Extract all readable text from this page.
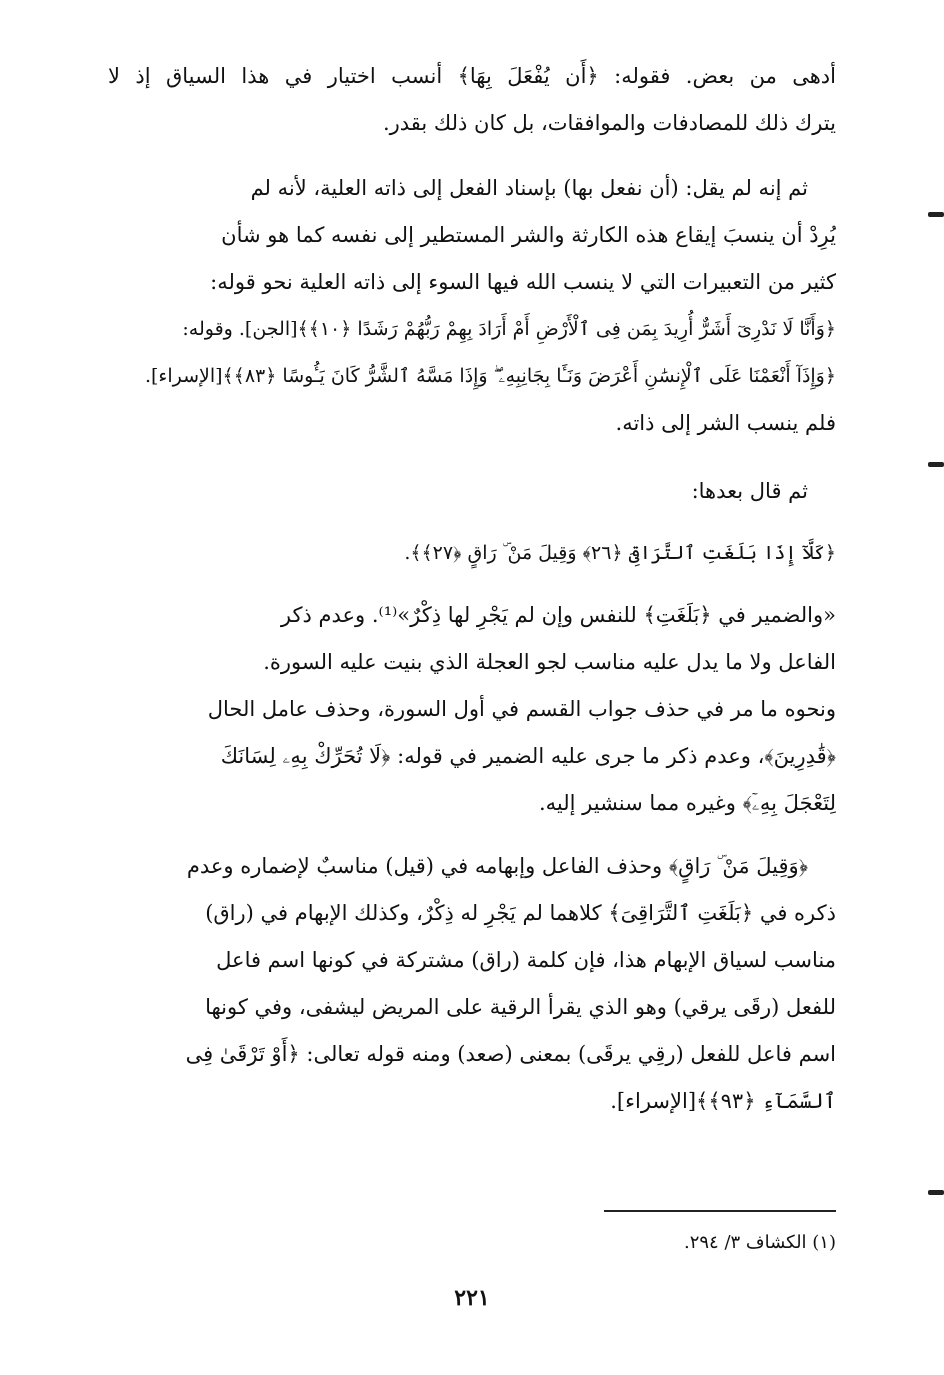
أدهى من بعض. فقوله: ﴿أَن يُفْعَلَ بِهَا﴾ أنسب اختيار في هذا السياق إذ لا
يترك ذلك للمصادفات والموافقات، بل كان ذلك بقدر.
ثم إنه لم يقل: (أن نفعل بها) بإسناد الفعل إلى ذاته العلية، لأنه لم
يُرِدْ أن ينسبَ إيقاع هذه الكارثة والشر المستطير إلى نفسه كما هو شأن
كثير من التعبيرات التي لا ينسب الله فيها السوء إلى ذاته العلية نحو قوله:
﴿وَأَنَّا لَا نَدْرِىٓ أَشَرٌّ أُرِيدَ بِمَن فِى ٱلْأَرْضِ أَمْ أَرَادَ بِهِمْ رَبُّهُمْ رَشَدًا ﴿١٠﴾﴾[الجن]. وقوله:
﴿وَإِذَآ أَنْعَمْنَا عَلَى ٱلْإِنسَٰنِ أَعْرَضَ وَنَـَٔا بِجَانِبِهِۦ ۖ وَإِذَا مَسَّهُ ٱلشَّرُّ كَانَ يَـُٔوسًا ﴿٨٣﴾﴾[الإسراء].
فلم ينسب الشر إلى ذاته.
ثم قال بعدها:
﴿كَلَّآ إِذَا بَلَغَتِ ٱلتَّرَاقِىَ ﴿٢٦﴾ وَقِيلَ مَنْ ۜ رَاقٍ ﴿٢٧﴾﴾.
«والضمير في ﴿بَلَغَتِ﴾ للنفس وإن لم يَجْرِ لها ذِكْرٌ»⁽¹⁾. وعدم ذكر
الفاعل ولا ما يدل عليه مناسب لجو العجلة الذي بنيت عليه السورة.
ونحوه ما مر في حذف جواب القسم في أول السورة، وحذف عامل الحال
﴿قَٰدِرِينَ﴾، وعدم ذكر ما جرى عليه الضمير في قوله: ﴿لَا تُحَرِّكْ بِهِۦ لِسَانَكَ
لِتَعْجَلَ بِهِۦٓ﴾ وغيره مما سنشير إليه.
﴿وَقِيلَ مَنْ ۜ رَاقٍ﴾ وحذف الفاعل وإبهامه في (قيل) مناسبٌ لإضماره وعدم
ذكره في ﴿بَلَغَتِ ٱلتَّرَاقِىَ﴾ كلاهما لم يَجْرِ له ذِكْرٌ، وكذلك الإبهام في (راق)
مناسب لسياق الإبهام هذا، فإن كلمة (راق) مشتركة في كونها اسم فاعل
للفعل (رقَى يرقي) وهو الذي يقرأ الرقية على المريض ليشفى، وفي كونها
اسم فاعل للفعل (رقِي يرقَى) بمعنى (صعد) ومنه قوله تعالى: ﴿أَوْ تَرْقَىٰ فِى
ٱلسَّمَآءِ ﴿٩٣﴾﴾[الإسراء].
(١) الكشاف ٣/ ٢٩٤.
٢٢١
